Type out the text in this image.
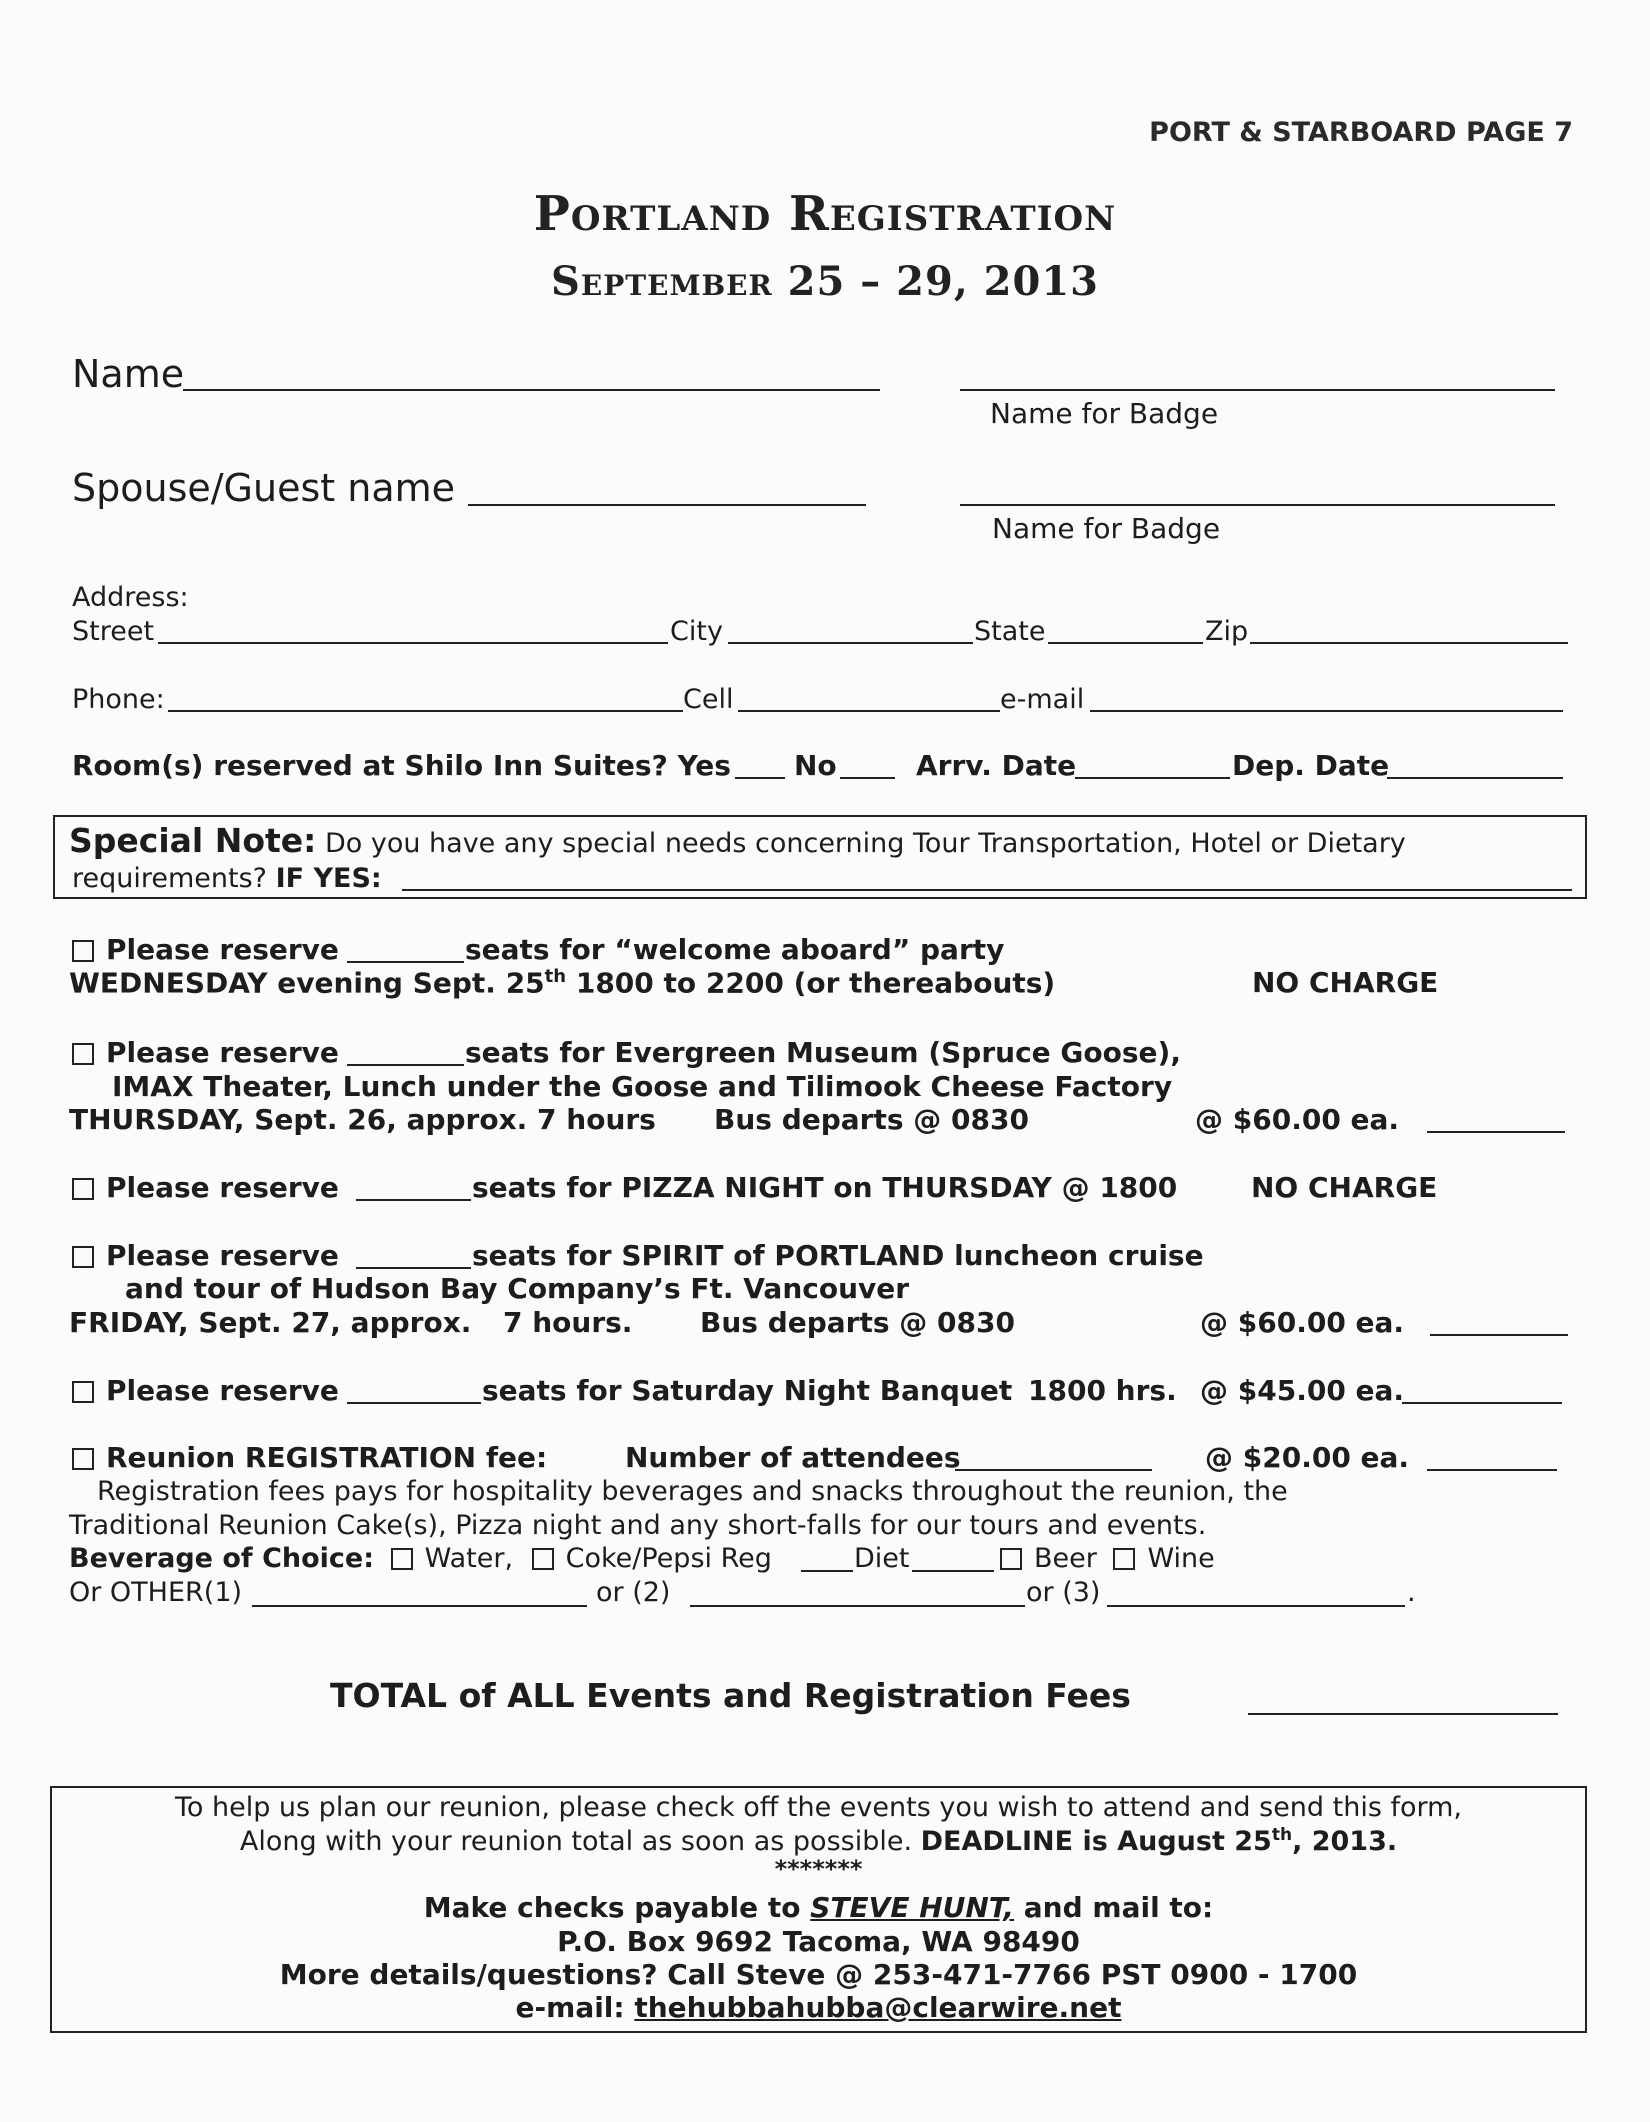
PORT & STARBOARD PAGE 7
Portland Registration
September 25 – 29, 2013
Name
Name for Badge
Spouse/Guest name
Name for Badge
Address:
Street	City	State	Zip
Phone:	Cell	e-mail
Room(s) reserved at Shilo Inn Suites? Yes No	Arrv. Date	Dep. Date
Special Note: Do you have any special needs concerning Tour Transportation, Hotel or Dietary
requirements? IF YES:
Please reserve	seats for “welcome aboard” party
WEDNESDAY evening Sept. 25th 1800 to 2200 (or thereabouts)	NO CHARGE
Please reserve	seats for Evergreen Museum (Spruce Goose),
IMAX Theater, Lunch under the Goose and Tilimook Cheese Factory
THURSDAY, Sept. 26, approx. 7 hours Bus departs @ 0830	@ $60.00 ea.
Please reserve	seats for PIZZA NIGHT on THURSDAY @ 1800	NO CHARGE
Please reserve	seats for SPIRIT of PORTLAND luncheon cruise
and tour of Hudson Bay Company’s Ft. Vancouver
FRIDAY, Sept. 27, approx. 7 hours. Bus departs @ 0830	@ $60.00 ea.
Please reserve	seats for Saturday Night Banquet 1800 hrs. @ $45.00 ea.
Reunion REGISTRATION fee:	Number of attendees	@ $20.00 ea.
Registration fees pays for hospitality beverages and snacks throughout the reunion, the
Traditional Reunion Cake(s), Pizza night and any short-falls for our tours and events.
Beverage of Choice: Water, Coke/Pepsi Reg	Diet	Beer Wine
Or OTHER(1)	or (2)	or (3)	.
TOTAL of ALL Events and Registration Fees
To help us plan our reunion, please check off the events you wish to attend and send this form,
Along with your reunion total as soon as possible. DEADLINE is August 25th, 2013.
*******
Make checks payable to STEVE HUNT, and mail to:
P.O. Box 9692 Tacoma, WA 98490
More details/questions? Call Steve @ 253-471-7766 PST 0900 - 1700
e-mail: thehubbahubba@clearwire.net
